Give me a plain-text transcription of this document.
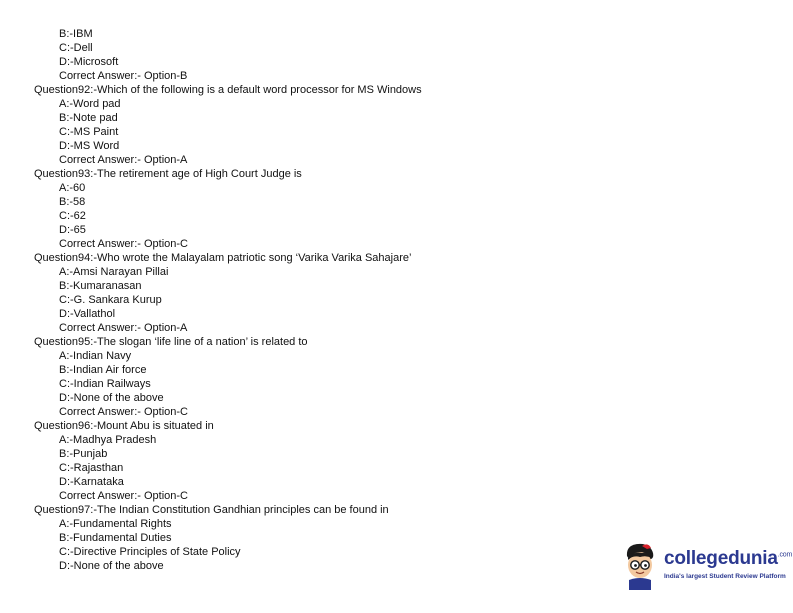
B:-IBM
C:-Dell
D:-Microsoft
Correct Answer:- Option-B
Question92:-Which of the following is a default word processor for MS Windows
A:-Word pad
B:-Note pad
C:-MS Paint
D:-MS Word
Correct Answer:- Option-A
Question93:-The retirement age of High Court Judge is
A:-60
B:-58
C:-62
D:-65
Correct Answer:- Option-C
Question94:-Who wrote the Malayalam patriotic song ‘Varika Varika Sahajare’
A:-Amsi Narayan Pillai
B:-Kumaranasan
C:-G. Sankara Kurup
D:-Vallathol
Correct Answer:- Option-A
Question95:-The slogan ‘life line of a nation’ is related to
A:-Indian Navy
B:-Indian Air force
C:-Indian Railways
D:-None of the above
Correct Answer:- Option-C
Question96:-Mount Abu is situated in
A:-Madhya Pradesh
B:-Punjab
C:-Rajasthan
D:-Karnataka
Correct Answer:- Option-C
Question97:-The Indian Constitution Gandhian principles can be found in
A:-Fundamental Rights
B:-Fundamental Duties
C:-Directive Principles of State Policy
D:-None of the above	collegedunia$^{.com}$
India's largest Student Review Platform
